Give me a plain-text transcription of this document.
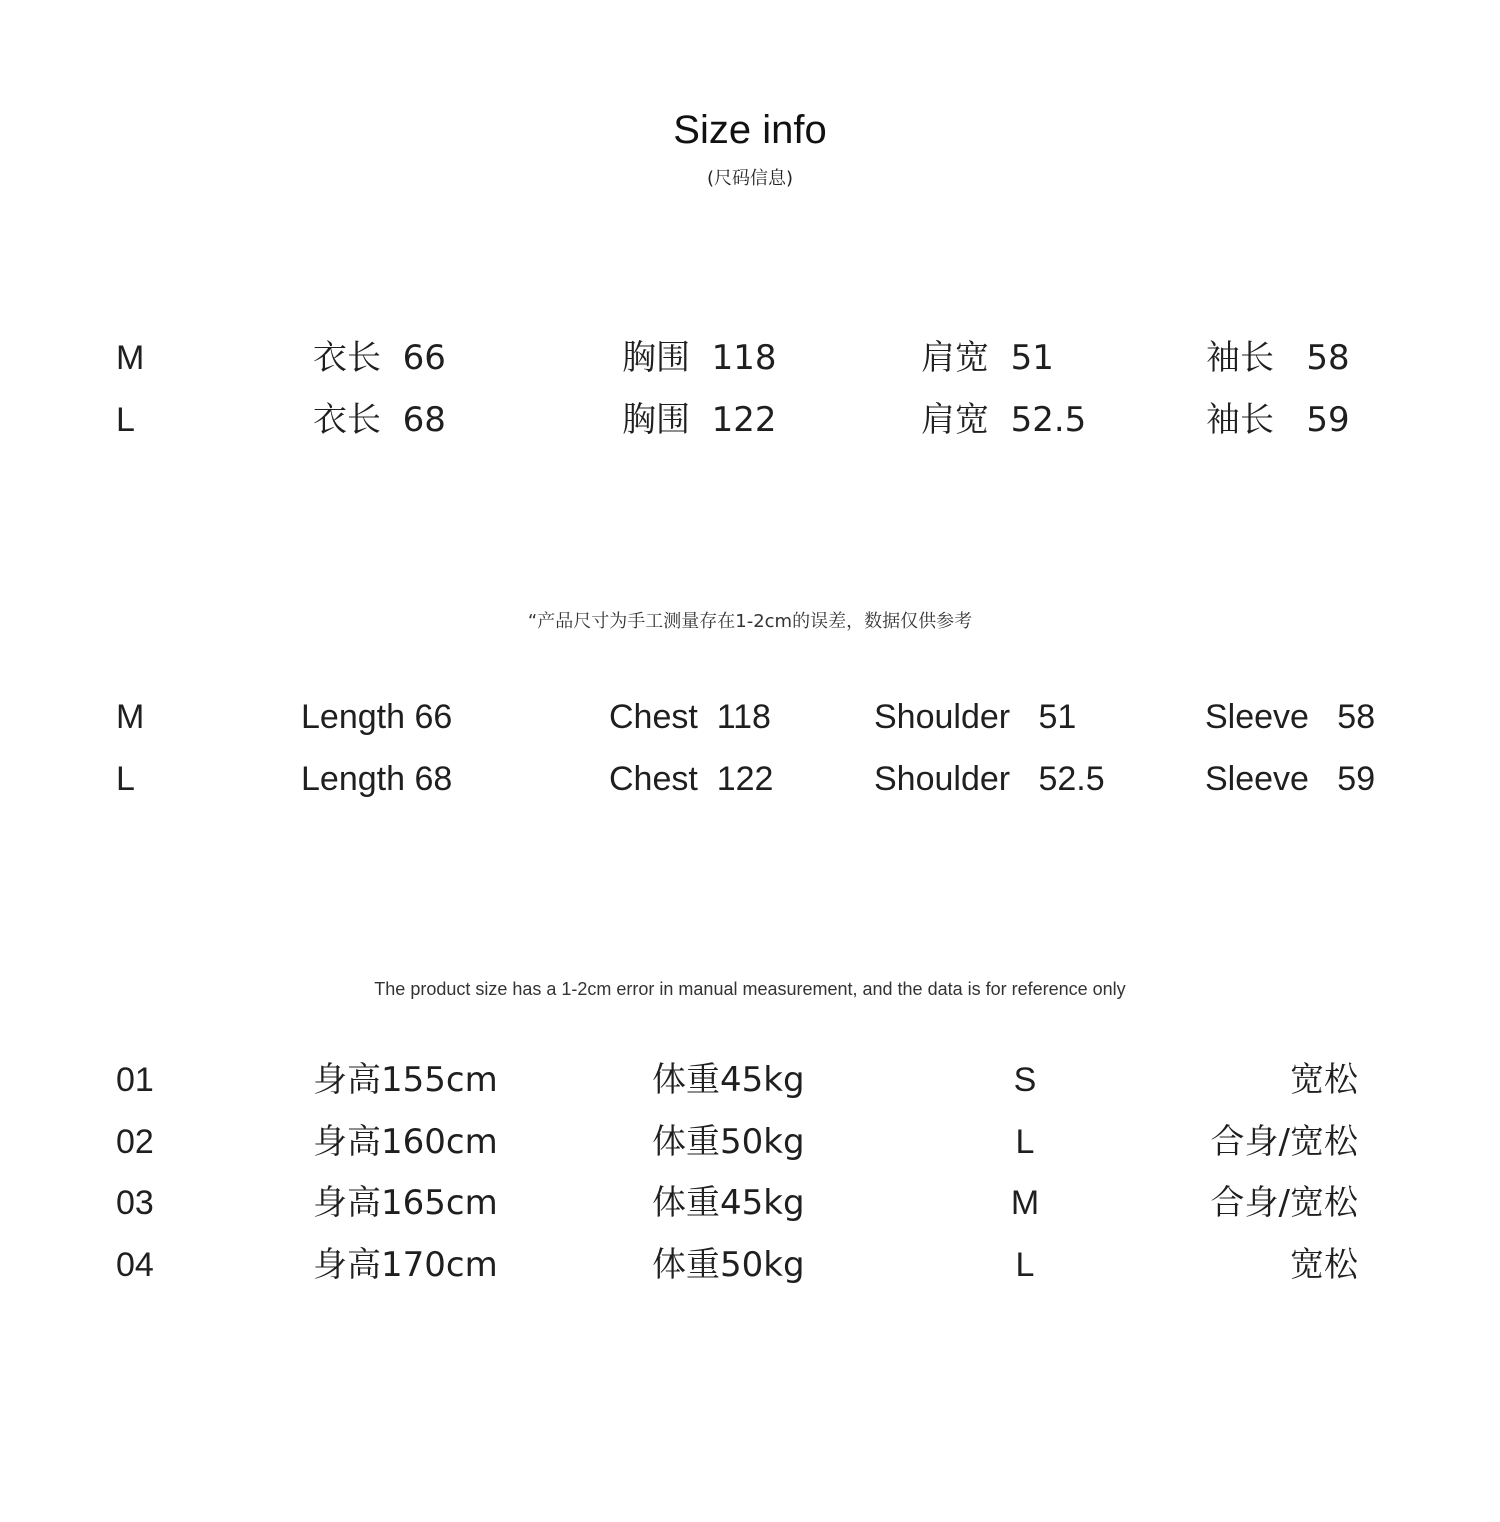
Size info
(尺码信息)
M	衣长  66	胸围  118	肩宽  51	袖长   58
L	衣长  68	胸围  122	肩宽  52.5	袖长   59
“产品尺寸为手工测量存在1-2cm的误差，数据仅供参考
M	Length 66	Chest  118	Shoulder   51	Sleeve   58
L	Length 68	Chest  122	Shoulder   52.5	Sleeve   59
The product size has a 1-2cm error in manual measurement, and the data is for reference only
01	身高155cm	体重45kg	S	宽松
02	身高160cm	体重50kg	L	合身/宽松
03	身高165cm	体重45kg	M	合身/宽松
04	身高170cm	体重50kg	L	宽松
